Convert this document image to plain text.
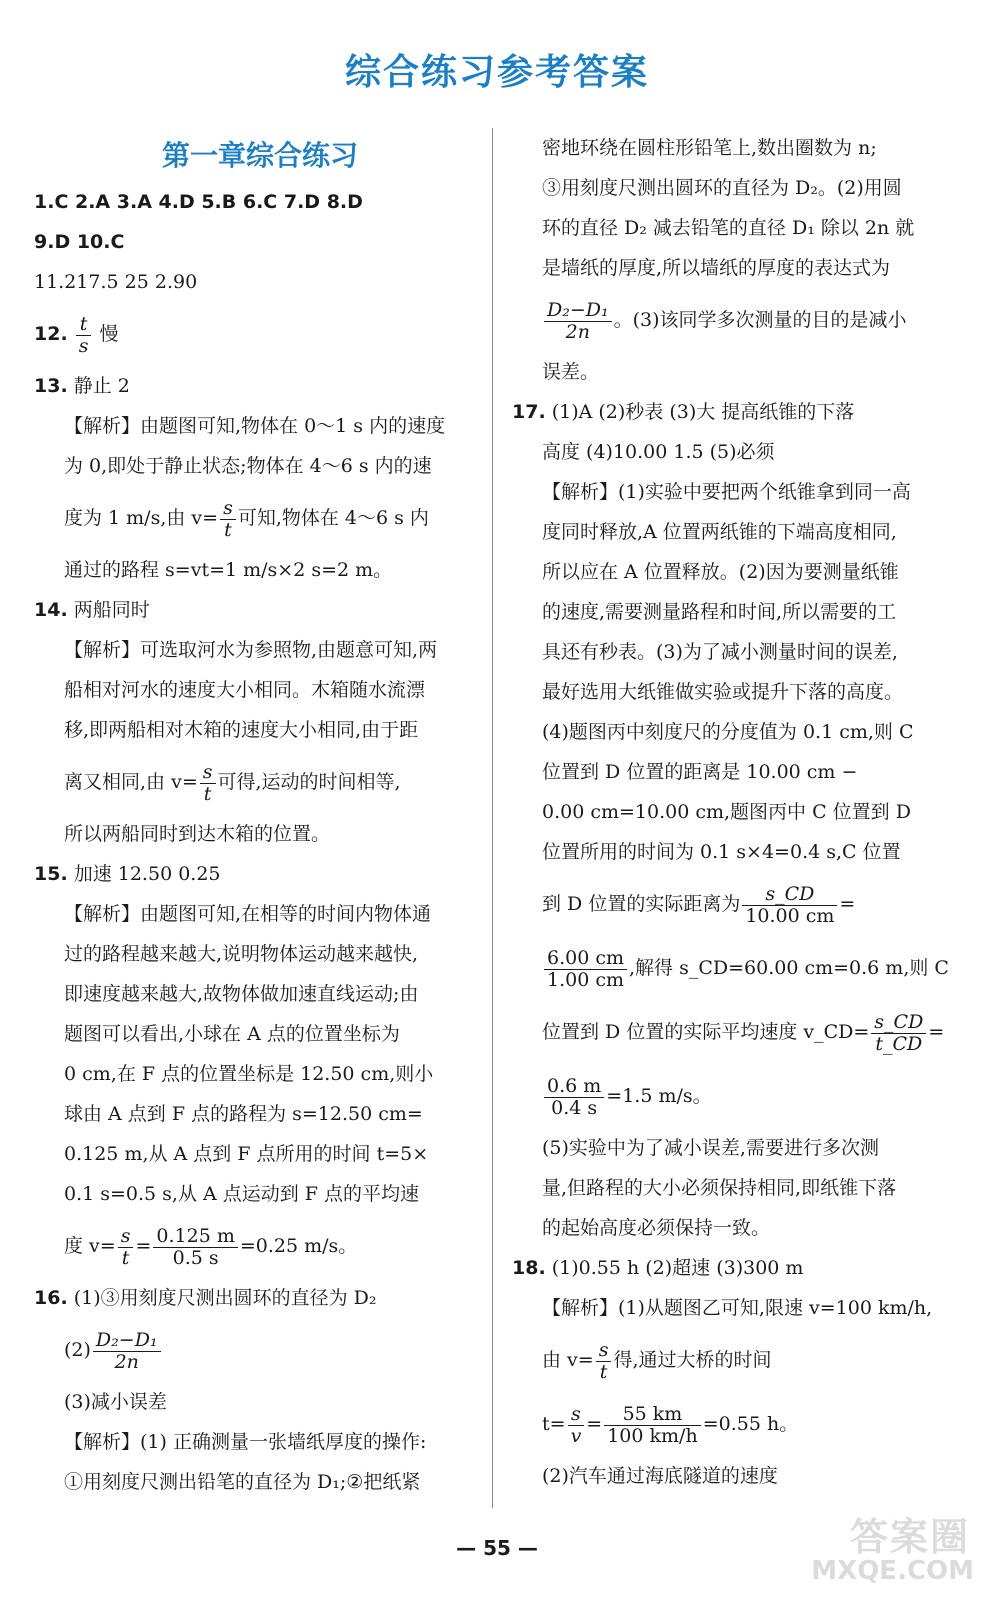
综合练习参考答案
第一章综合练习
1.C 2.A 3.A 4.D 5.B 6.C 7.D 8.D
9.D 10.C
11.217.5 25 2.90
12. $\frac{t}{s}$ 慢
13. 静止 2
【解析】由题图可知,物体在 0～1 s 内的速度
为 0,即处于静止状态;物体在 4～6 s 内的速
度为 1 m/s,由 $v= \frac{s}{t}$ 可知,物体在 4～6 s 内
通过的路程 s=vt=1 m/s×2 s=2 m。
14. 两船同时
【解析】可选取河水为参照物,由题意可知,两
船相对河水的速度大小相同。木箱随水流漂
移,即两船相对木箱的速度大小相同,由于距
离又相同,由 $v= \frac{s}{t}$ 可得,运动的时间相等,
所以两船同时到达木箱的位置。
15. 加速 12.50 0.25
【解析】由题图可知,在相等的时间内物体通
过的路程越来越大,说明物体运动越来越快,
即速度越来越大,故物体做加速直线运动;由
题图可以看出,小球在 A 点的位置坐标为
0 cm,在 F 点的位置坐标是 12.50 cm,则小
球由 A 点到 F 点的路程为 s=12.50 cm=
0.125 m,从 A 点到 F 点所用的时间 t=5×
0.1 s=0.5 s,从 A 点运动到 F 点的平均速
度 $v= \frac{s}{t} = \frac{0.125 m}{0.5 s} =0.25$ m/s。
16. (1)③用刻度尺测出圆环的直径为 D₂
$(2) \frac{\text{D₂−D₁}}{2n}$
(3)减小误差
【解析】(1) 正确测量一张墙纸厚度的操作:
①用刻度尺测出铅笔的直径为 D₁;②把纸紧
密地环绕在圆柱形铅笔上,数出圈数为 n;
③用刻度尺测出圆环的直径为 D₂。(2)用圆
环的直径 D₂ 减去铅笔的直径 D₁ 除以 2n 就
是墙纸的厚度,所以墙纸的厚度的表达式为
$\frac{\text{D₂−D₁}}{2n}$ 。(3)该同学多次测量的目的是减小
误差。
17. (1)A (2)秒表 (3)大 提高纸锥的下落
高度 (4)10.00 1.5 (5)必须
【解析】(1)实验中要把两个纸锥拿到同一高
度同时释放,A 位置两纸锥的下端高度相同,
所以应在 A 位置释放。(2)因为要测量纸锥
的速度,需要测量路程和时间,所以需要的工
具还有秒表。(3)为了减小测量时间的误差,
最好选用大纸锥做实验或提升下落的高度。
(4)题图丙中刻度尺的分度值为 0.1 cm,则 C
位置到 D 位置的距离是 10.00 cm −
0.00 cm=10.00 cm,题图丙中 C 位置到 D
位置所用的时间为 0.1 s×4=0.4 s,C 位置
到 D 位置的实际距离为 $\frac{s\_CD}{10.00 cm}$ =
$\frac{6.00 cm}{1.00 cm}$ ,解得 s_CD=60.00 cm=0.6 m,则 C
位置到 D 位置的实际平均速度 v_CD= $\frac{s\_CD}{t\_CD}$ =
$\frac{0.6 m}{0.4 s} =1.5$ m/s。
(5)实验中为了减小误差,需要进行多次测
量,但路程的大小必须保持相同,即纸锥下落
的起始高度必须保持一致。
18. (1)0.55 h (2)超速 (3)300 m
【解析】(1)从题图乙可知,限速 v=100 km/h,
由 $v= \frac{s}{t}$ 得,通过大桥的时间
$t= \frac{s}{v} = \frac{55 km}{100 km/h} =0.55$ h。
(2)汽车通过海底隧道的速度
— 55 —	答案圈
MXQE.COM
